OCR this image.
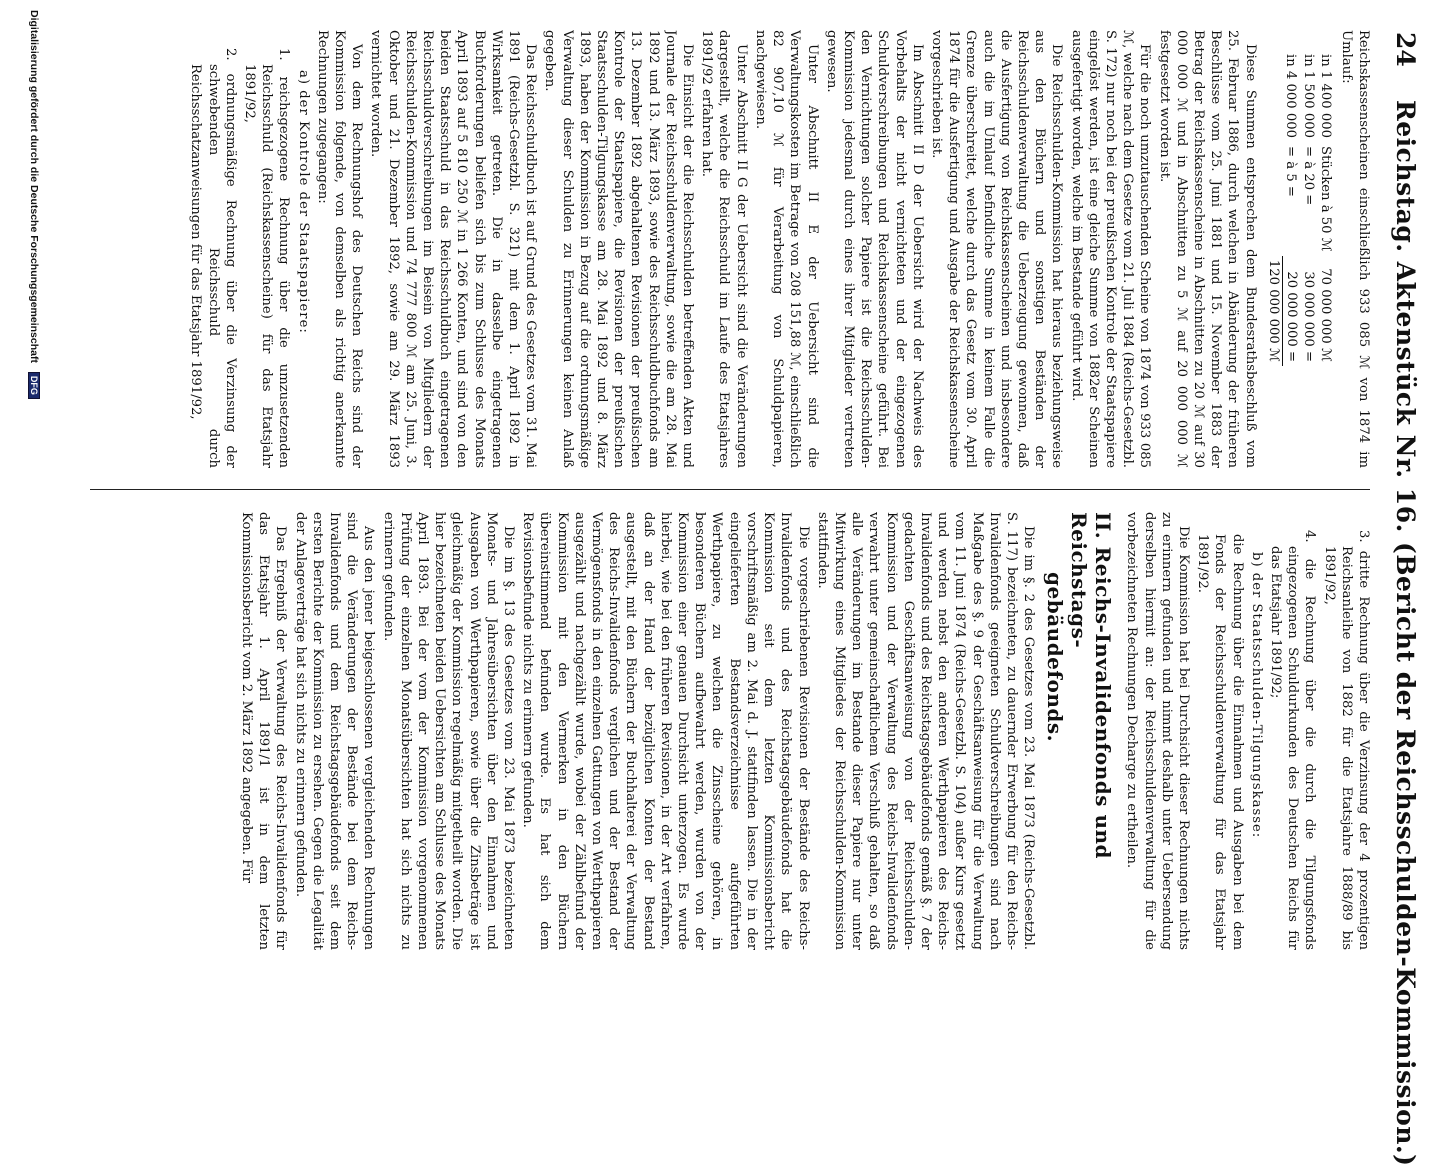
24
Reichstag. Aktenstück Nr. 16. (Bericht der Reichsschulden-Kommission.)

Reichskassenscheinen einschließlich 933 085 ℳ von 1874 im Umlauf:

in 1 400 000	Stücken à 50 ℳ	70 000 000 ℳ
in 1 500 000	= à 20 =	30 000 000 =
in 4 000 000	= à 5 =	20 000 000 =
		120 000 000 ℳ

Diese Summen entsprechen dem Bundesrathsbeschluß vom 25. Februar 1886, durch welchen in Abänderung der früheren Beschlüsse vom 25. Juni 1881 und 15. November 1883 der Betrag der Reichskassenscheine in Abschnitten zu 20 ℳ auf 30 000 000 ℳ und in Abschnitten zu 5 ℳ auf 20 000 000 ℳ festgesetzt worden ist.

Für die noch umzutauschenden Scheine von 1874 von 933 085 ℳ, welche nach dem Gesetze vom 21. Juli 1884 (Reichs-Gesetzbl. S. 172) nur noch bei der preußischen Kontrole der Staatspapiere eingelöst werden, ist eine gleiche Summe von 1882er Scheinen ausgefertigt worden, welche im Bestande geführt wird.

Die Reichsschulden-Kommission hat hieraus beziehungsweise aus den Büchern und sonstigen Beständen der Reichsschuldenverwaltung die Ueberzeugung gewonnen, daß die Ausfertigung von Reichskassenscheinen und insbesondere auch die im Umlauf befindliche Summe in keinem Falle die Grenze überschreitet, welche durch das Gesetz vom 30. April 1874 für die Ausfertigung und Ausgabe der Reichskassenscheine vorgeschrieben ist.

Im Abschnitt II D der Uebersicht wird der Nachweis des Vorbehalts der nicht vernichteten und der eingezogenen Schuldverschreibungen und Reichskassenscheine geführt. Bei den Vernichtungen solcher Papiere ist die Reichsschulden-Kommission jedesmal durch eines ihrer Mitglieder vertreten gewesen.

Unter Abschnitt II E der Uebersicht sind die Verwaltungskosten im Betrage von 208 151,88 ℳ, einschließlich 82 907,10 ℳ für Verarbeitung von Schuldpapieren, nachgewiesen.

Unter Abschnitt II G der Uebersicht sind die Veränderungen dargestellt, welche die Reichsschuld im Laufe des Etatsjahres 1891/92 erfahren hat.

Die Einsicht der die Reichsschulden betreffenden Akten und Journale der Reichsschuldenverwaltung, sowie die am 28. Mai 1892 und 13. März 1893, sowie des Reichsschuldbuchfonds am 13. Dezember 1892 abgehaltenen Revisionen der preußischen Kontrole der Staatspapiere, die Revisionen der preußischen Staatsschulden-Tilgungskasse am 28. Mai 1892 und 8. März 1893, haben der Kommission in Bezug auf die ordnungsmäßige Verwaltung dieser Schulden zu Erinnerungen keinen Anlaß gegeben.

Das Reichsschuldbuch ist auf Grund des Gesetzes vom 31. Mai 1891 (Reichs-Gesetzbl. S. 321) mit dem 1. April 1892 in Wirksamkeit getreten. Die in dasselbe eingetragenen Buchforderungen beliefen sich bis zum Schlusse des Monats April 1893 auf 5 810 250 ℳ in 1 266 Konten, und sind von den beiden Staatsschuld in das Reichsschuldbuch eingetragenen Reichsschuldverschreibungen im Beisein von Mitgliedern der Reichsschulden-Kommission und 74 777 800 ℳ am 25. Juni, 3. Oktober und 21. Dezember 1892, sowie am 29. März 1893 vernichtet worden.

Von dem Rechnungshof des Deutschen Reichs sind der Kommission folgende, von demselben als richtig anerkannte Rechnungen zugegangen:

a) der Kontrole der Staatspapiere:

1. reichsgezogene Rechnung über die umzusetzenden Reichsschuld (Reichskassenscheine) für das Etatsjahr 1891/92,

2. ordnungsmäßige Rechnung über die Verzinsung der schwebenden Reichsschuld durch Reichsschatzanweisungen für das Etatsjahr 1891/92,

3. dritte Rechnung über die Verzinsung der 4 prozentigen Reichsanleihe von 1882 für die Etatsjahre 1888/89 bis 1891/92,

4. die Rechnung über die durch die Tilgungsfonds eingezogenen Schuldurkunden des Deutschen Reichs für das Etatsjahr 1891/92;

b) der Staatsschulden-Tilgungskasse:

die Rechnung über die Einnahmen und Ausgaben bei dem Fonds der Reichsschuldenverwaltung für das Etatsjahr 1891/92.

Die Kommission hat bei Durchsicht dieser Rechnungen nichts zu erinnern gefunden und nimmt deshalb unter Uebersendung derselben hiermit an: der Reichsschuldenverwaltung für die vorbezeichneten Rechnungen Decharge zu ertheilen.

II. Reichs-Invalidenfonds und Reichstags-
gebäudefonds.

Die im §. 2 des Gesetzes vom 23. Mai 1873 (Reichs-Gesetzbl. S. 117) bezeichneten, zu dauernder Erwerbung für den Reichs-Invalidenfonds geeigneten Schuldverschreibungen sind nach Maßgabe des §. 9 der Geschäftsanweisung für die Verwaltung vom 11. Juni 1874 (Reichs-Gesetzbl. S. 104) außer Kurs gesetzt und werden nebst den anderen Werthpapieren des Reichs-Invalidenfonds und des Reichstagsgebäudefonds gemäß §. 7 der gedachten Geschäftsanweisung von der Reichsschulden-Kommission und der Verwaltung des Reichs-Invalidenfonds verwahrt unter gemeinschaftlichem Verschluß gehalten, so daß alle Veränderungen im Bestande dieser Papiere nur unter Mitwirkung eines Mitgliedes der Reichsschulden-Kommission stattfinden.

Die vorgeschriebenen Revisionen der Bestände des Reichs-Invalidenfonds und des Reichstagsgebäudefonds hat die Kommission seit dem letzten Kommissionsbericht vorschriftsmäßig am 2. Mai d. J. stattfinden lassen. Die in der eingelieferten Bestandsverzeichnisse aufgeführten Werthpapiere, zu welchen die Zinsscheine gehören, in besonderen Büchern aufbewahrt werden, wurden von der Kommission einer genauen Durchsicht unterzogen. Es wurde hierbei, wie bei den früheren Revisionen, in der Art verfahren, daß an der Hand der bezüglichen Konten der Bestand ausgestellt, mit den Büchern der Buchhalterei der Verwaltung des Reichs-Invalidenfonds verglichen und der Bestand der Vermögensfonds in den einzelnen Gattungen von Werthpapieren ausgezählt und nachgezählt wurde, wobei der Zählbefund der Kommission mit den Vermerken in den Büchern übereinstimmend befunden wurde. Es hat sich dem Revisionsbefunde nichts zu erinnern gefunden.

Die im §. 13 des Gesetzes vom 23. Mai 1873 bezeichneten Monats- und Jahresübersichten über den Einnahmen und Ausgaben von Werthpapieren, sowie über die Zinsbeträge ist gleichmäßig der Kommission regelmäßig mitgetheilt worden. Die hier bezeichneten beiden Uebersichten am Schlusse des Monats April 1893. Bei der vom der Kommission vorgenommenen Prüfung der einzelnen Monatsübersichten hat sich nichts zu erinnern gefunden.

Aus den jener beigeschlossenen vergleichenden Rechnungen sind die Veränderungen der Bestände bei dem Reichs-Invalidenfonds und dem Reichstagsgebäudefonds seit dem ersten Berichte der Kommission zu ersehen. Gegen die Legalität der Anlageverträge hat sich nichts zu erinnern gefunden.

Das Ergebniß der Verwaltung des Reichs-Invalidenfonds für das Etatsjahr 1. April 1891/1 ist in dem letzten Kommissionsbericht vom 2. März 1892 angegeben. Für

Digitalisierung gefördert durch die Deutsche Forschungsgemeinschaft DFG
